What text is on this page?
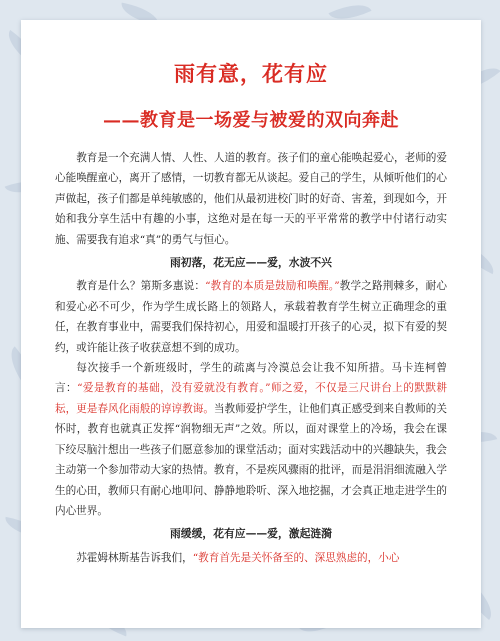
雨有意，花有应
——教育是一场爱与被爱的双向奔赴

教育是一个充满人情、人性、人道的教育。孩子们的童心能唤起爱心，老师的爱心能唤醒童心，离开了感情，一切教育都无从谈起。爱自己的学生，从倾听他们的心声做起，孩子们都是单纯敏感的，他们从最初进校门时的好奇、害羞，到现如今，开始和我分享生活中有趣的小事，这绝对是在每一天的平平常常的教学中付诸行动实施、需要我有追求“真”的勇气与恒心。

雨初落，花无应——爱，水波不兴

教育是什么？第斯多惠说：“教育的本质是鼓励和唤醒。”教学之路荆棘多，耐心和爱心必不可少，作为学生成长路上的领路人，承载着教育学生树立正确理念的重任，在教育事业中，需要我们保持初心，用爱和温暖打开孩子的心灵，拟下有爱的契约，或许能让孩子收获意想不到的成功。

每次接手一个新班级时，学生的疏离与冷漠总会让我不知所措。马卡连柯曾言：“爱是教育的基础，没有爱就没有教育。”师之爱，不仅是三尺讲台上的默默耕耘，更是春风化雨般的谆谆教诲。当教师爱护学生，让他们真正感受到来自教师的关怀时，教育也就真正发挥“润物细无声”之效。所以，面对课堂上的冷场，我会在课下绞尽脑汁想出一些孩子们愿意参加的课堂活动；面对实践活动中的兴趣缺失，我会主动第一个参加带动大家的热情。教育，不是疾风骤雨的批评，而是涓涓细流融入学生的心田，教师只有耐心地叩问、静静地聆听、深入地挖掘，才会真正地走进学生的内心世界。

雨缓缓，花有应——爱，激起涟漪

苏霍姆林斯基告诉我们，“教育首先是关怀备至的、深思熟虑的，小心
